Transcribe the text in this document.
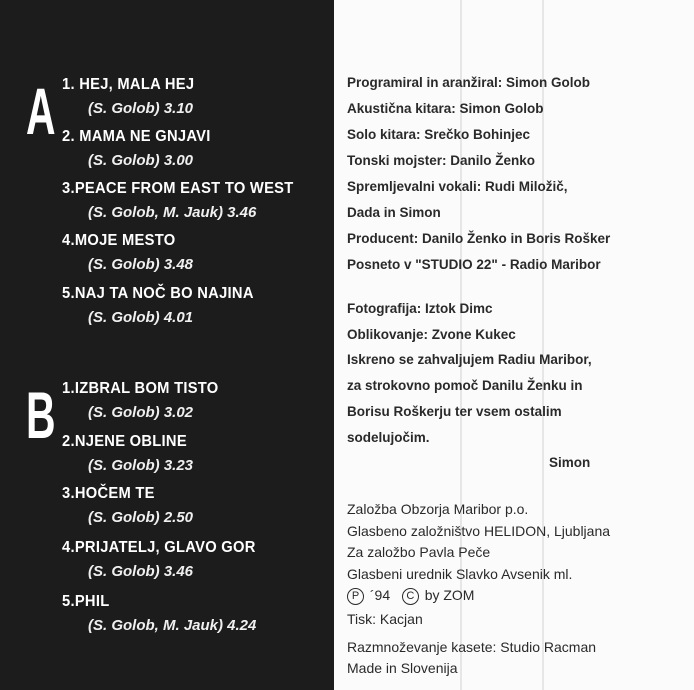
A
B
1. HEJ, MALA HEJ
(S. Golob) 3.10
2. MAMA NE GNJAVI
(S. Golob) 3.00
3.PEACE FROM EAST TO WEST
(S. Golob, M. Jauk) 3.46
4.MOJE MESTO
(S. Golob) 3.48
5.NAJ TA NOČ BO NAJINA
(S. Golob) 4.01
1.IZBRAL BOM TISTO
(S. Golob) 3.02
2.NJENE OBLINE
(S. Golob) 3.23
3.HOČEM TE
(S. Golob) 2.50
4.PRIJATELJ, GLAVO GOR
(S. Golob) 3.46
5.PHIL
(S. Golob, M. Jauk) 4.24
Programiral in aranžiral: Simon Golob
Akustična kitara: Simon Golob
Solo kitara: Srečko Bohinjec
Tonski mojster: Danilo Ženko
Spremljevalni vokali: Rudi Miložič,
Dada in Simon
Producent: Danilo Ženko in Boris Rošker
Posneto v "STUDIO 22" - Radio Maribor
Fotografija: Iztok Dimc
Oblikovanje: Zvone Kukec
Iskreno se zahvaljujem Radiu Maribor,
za strokovno pomoč Danilu Ženku in
Borisu Roškerju ter vsem ostalim
sodelujočim.
Simon
Založba Obzorja Maribor p.o.
Glasbeno založništvo HELIDON, Ljubljana
Za založbo Pavla Peče
Glasbeni urednik Slavko Avsenik ml.
P ´94 C by ZOM
Tisk: Kacjan
Razmnoževanje kasete: Studio Racman
Made in Slovenija
